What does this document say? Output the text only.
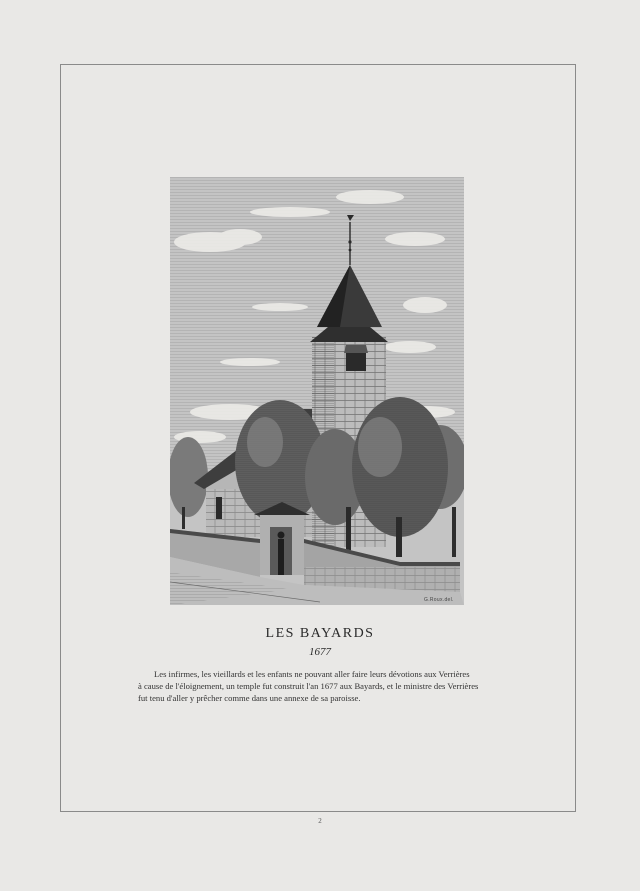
G.Roux.del.
LES BAYARDS
1677
Les infirmes, les vieillards et les enfants ne pouvant aller faire leurs dévotions aux Verrières
à cause de l'éloignement, un temple fut construit l'an 1677 aux Bayards, et le ministre des Verrières
fut tenu d'aller y prêcher comme dans une annexe de sa paroisse.
2
